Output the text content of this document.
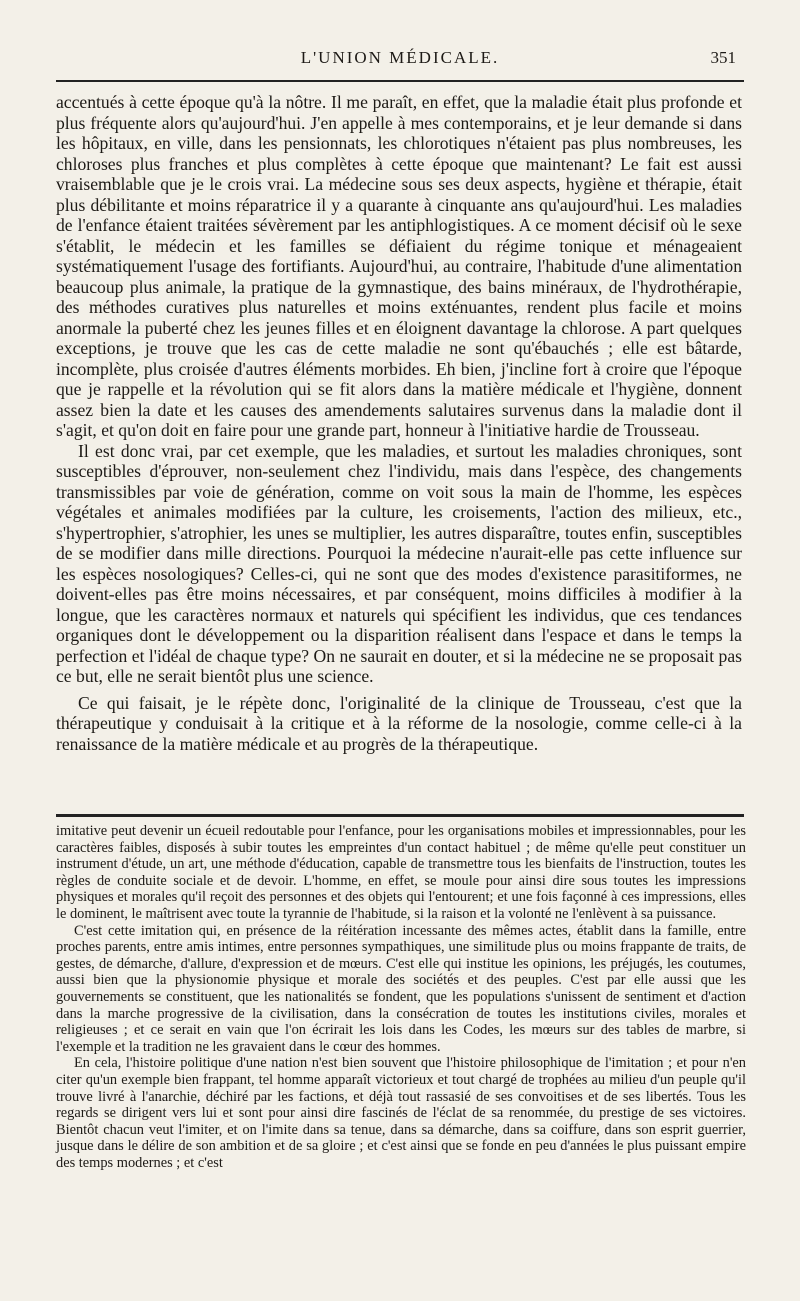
L'UNION MÉDICALE.	351

accentués à cette époque qu'à la nôtre. Il me paraît, en effet, que la maladie était plus profonde et plus fréquente alors qu'aujourd'hui. J'en appelle à mes contemporains, et je leur demande si dans les hôpitaux, en ville, dans les pensionnats, les chlorotiques n'étaient pas plus nombreuses, les chloroses plus franches et plus complètes à cette époque que maintenant? Le fait est aussi vraisemblable que je le crois vrai. La médecine sous ses deux aspects, hygiène et thérapie, était plus débilitante et moins réparatrice il y a quarante à cinquante ans qu'aujourd'hui. Les maladies de l'enfance étaient traitées sévèrement par les antiphlogistiques. A ce moment décisif où le sexe s'établit, le médecin et les familles se défiaient du régime tonique et ménageaient systématiquement l'usage des fortifiants. Aujourd'hui, au contraire, l'habitude d'une alimentation beaucoup plus animale, la pratique de la gymnastique, des bains minéraux, de l'hydrothérapie, des méthodes curatives plus naturelles et moins exténuantes, rendent plus facile et moins anormale la puberté chez les jeunes filles et en éloignent davantage la chlorose. A part quelques exceptions, je trouve que les cas de cette maladie ne sont qu'ébauchés ; elle est bâtarde, incomplète, plus croisée d'autres éléments morbides. Eh bien, j'incline fort à croire que l'époque que je rappelle et la révolution qui se fit alors dans la matière médicale et l'hygiène, donnent assez bien la date et les causes des amendements salutaires survenus dans la maladie dont il s'agit, et qu'on doit en faire pour une grande part, honneur à l'initiative hardie de Trousseau.

Il est donc vrai, par cet exemple, que les maladies, et surtout les maladies chroniques, sont susceptibles d'éprouver, non-seulement chez l'individu, mais dans l'espèce, des changements transmissibles par voie de génération, comme on voit sous la main de l'homme, les espèces végétales et animales modifiées par la culture, les croisements, l'action des milieux, etc., s'hypertrophier, s'atrophier, les unes se multiplier, les autres disparaître, toutes enfin, susceptibles de se modifier dans mille directions. Pourquoi la médecine n'aurait-elle pas cette influence sur les espèces nosologiques? Celles-ci, qui ne sont que des modes d'existence parasitiformes, ne doivent-elles pas être moins nécessaires, et par conséquent, moins difficiles à modifier à la longue, que les caractères normaux et naturels qui spécifient les individus, que ces tendances organiques dont le développement ou la disparition réalisent dans l'espace et dans le temps la perfection et l'idéal de chaque type? On ne saurait en douter, et si la médecine ne se proposait pas ce but, elle ne serait bientôt plus une science.

Ce qui faisait, je le répète donc, l'originalité de la clinique de Trousseau, c'est que la thérapeutique y conduisait à la critique et à la réforme de la nosologie, comme celle-ci à la renaissance de la matière médicale et au progrès de la thérapeutique.

imitative peut devenir un écueil redoutable pour l'enfance, pour les organisations mobiles et impressionnables, pour les caractères faibles, disposés à subir toutes les empreintes d'un contact habituel ; de même qu'elle peut constituer un instrument d'étude, un art, une méthode d'éducation, capable de transmettre tous les bienfaits de l'instruction, toutes les règles de conduite sociale et de devoir. L'homme, en effet, se moule pour ainsi dire sous toutes les impressions physiques et morales qu'il reçoit des personnes et des objets qui l'entourent; et une fois façonné à ces impressions, elles le dominent, le maîtrisent avec toute la tyrannie de l'habitude, si la raison et la volonté ne l'enlèvent à sa puissance.

C'est cette imitation qui, en présence de la réitération incessante des mêmes actes, établit dans la famille, entre proches parents, entre amis intimes, entre personnes sympathiques, une similitude plus ou moins frappante de traits, de gestes, de démarche, d'allure, d'expression et de mœurs. C'est elle qui institue les opinions, les préjugés, les coutumes, aussi bien que la physionomie physique et morale des sociétés et des peuples. C'est par elle aussi que les gouvernements se constituent, que les nationalités se fondent, que les populations s'unissent de sentiment et d'action dans la marche progressive de la civilisation, dans la consécration de toutes les institutions civiles, morales et religieuses ; et ce serait en vain que l'on écrirait les lois dans les Codes, les mœurs sur des tables de marbre, si l'exemple et la tradition ne les gravaient dans le cœur des hommes.

En cela, l'histoire politique d'une nation n'est bien souvent que l'histoire philosophique de l'imitation ; et pour n'en citer qu'un exemple bien frappant, tel homme apparaît victorieux et tout chargé de trophées au milieu d'un peuple qu'il trouve livré à l'anarchie, déchiré par les factions, et déjà tout rassasié de ses convoitises et de ses libertés. Tous les regards se dirigent vers lui et sont pour ainsi dire fascinés de l'éclat de sa renommée, du prestige de ses victoires. Bientôt chacun veut l'imiter, et on l'imite dans sa tenue, dans sa démarche, dans sa coiffure, dans son esprit guerrier, jusque dans le délire de son ambition et de sa gloire ; et c'est ainsi que se fonde en peu d'années le plus puissant empire des temps modernes ; et c'est
